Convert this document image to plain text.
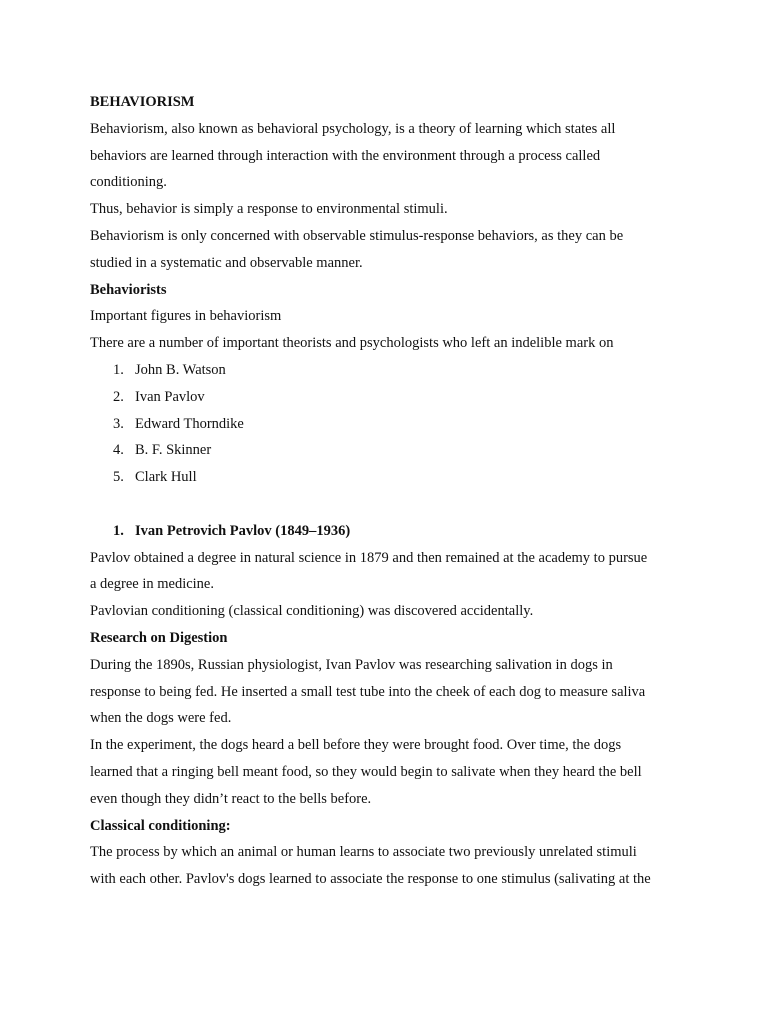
BEHAVIORISM
Behaviorism, also known as behavioral psychology, is a theory of learning which states all
behaviors are learned through interaction with the environment through a process called
conditioning.
Thus, behavior is simply a response to environmental stimuli.
Behaviorism is only concerned with observable stimulus-response behaviors, as they can be
studied in a systematic and observable manner.
Behaviorists
Important figures in behaviorism
There are a number of important theorists and psychologists who left an indelible mark on
1. John B. Watson
2. Ivan Pavlov
3. Edward Thorndike
4. B. F. Skinner
5. Clark Hull
1. Ivan Petrovich Pavlov (1849–1936)
Pavlov obtained a degree in natural science in 1879 and then remained at the academy to pursue
a degree in medicine.
Pavlovian conditioning (classical conditioning) was discovered accidentally.
Research on Digestion
During the 1890s, Russian physiologist, Ivan Pavlov was researching salivation in dogs in
response to being fed. He inserted a small test tube into the cheek of each dog to measure saliva
when the dogs were fed.
In the experiment, the dogs heard a bell before they were brought food. Over time, the dogs
learned that a ringing bell meant food, so they would begin to salivate when they heard the bell
even though they didn’t react to the bells before.
Classical conditioning:
The process by which an animal or human learns to associate two previously unrelated stimuli
with each other. Pavlov's dogs learned to associate the response to one stimulus (salivating at the
